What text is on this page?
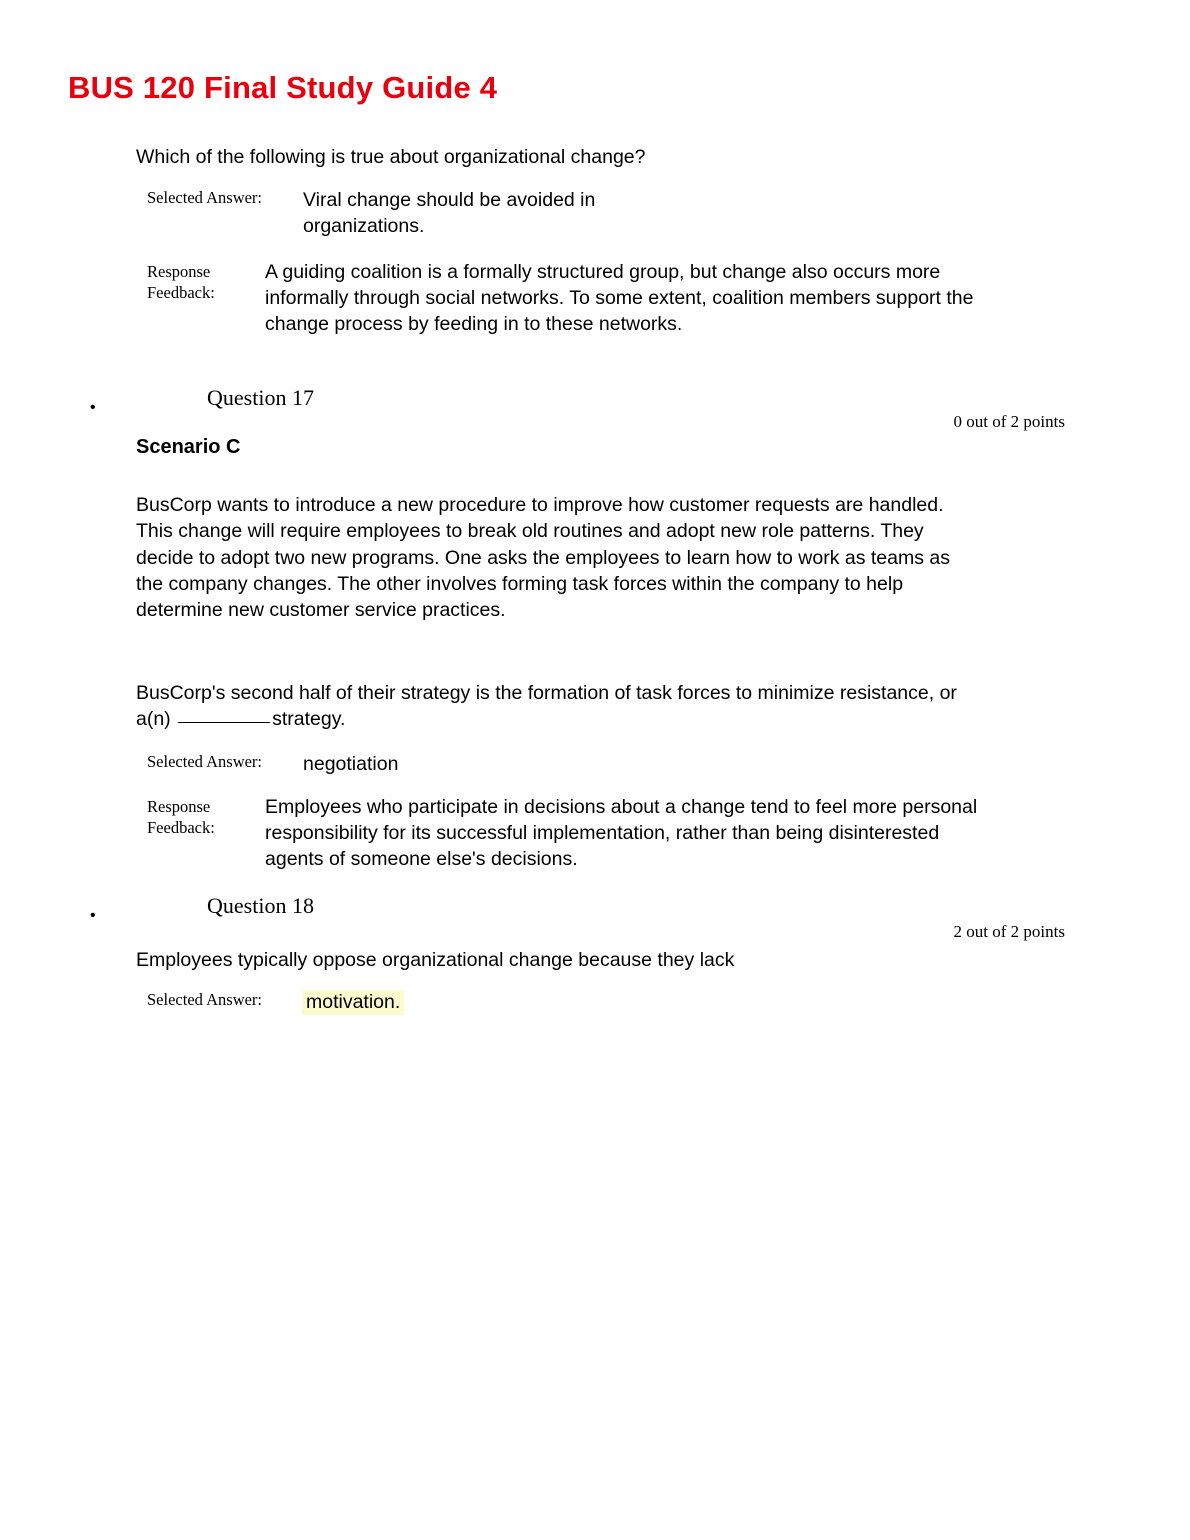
BUS 120 Final Study Guide 4
Which of the following is true about organizational change?
Selected Answer:	Viral change should be avoided in organizations.
Response
Feedback:
A guiding coalition is a formally structured group, but change also occurs more informally through social networks. To some extent, coalition members support the change process by feeding in to these networks.
•	Question 17
0 out of 2 points
Scenario C
BusCorp wants to introduce a new procedure to improve how customer requests are handled. This change will require employees to break old routines and adopt new role patterns. They decide to adopt two new programs. One asks the employees to learn how to work as teams as the company changes. The other involves forming task forces within the company to help determine new customer service practices.
BusCorp's second half of their strategy is the formation of task forces to minimize resistance, or a(n)	strategy.
Selected Answer:	negotiation
Response
Feedback:
Employees who participate in decisions about a change tend to feel more personal responsibility for its successful implementation, rather than being disinterested agents of someone else's decisions.
•	Question 18
2 out of 2 points
Employees typically oppose organizational change because they lack
Selected Answer:	motivation.
